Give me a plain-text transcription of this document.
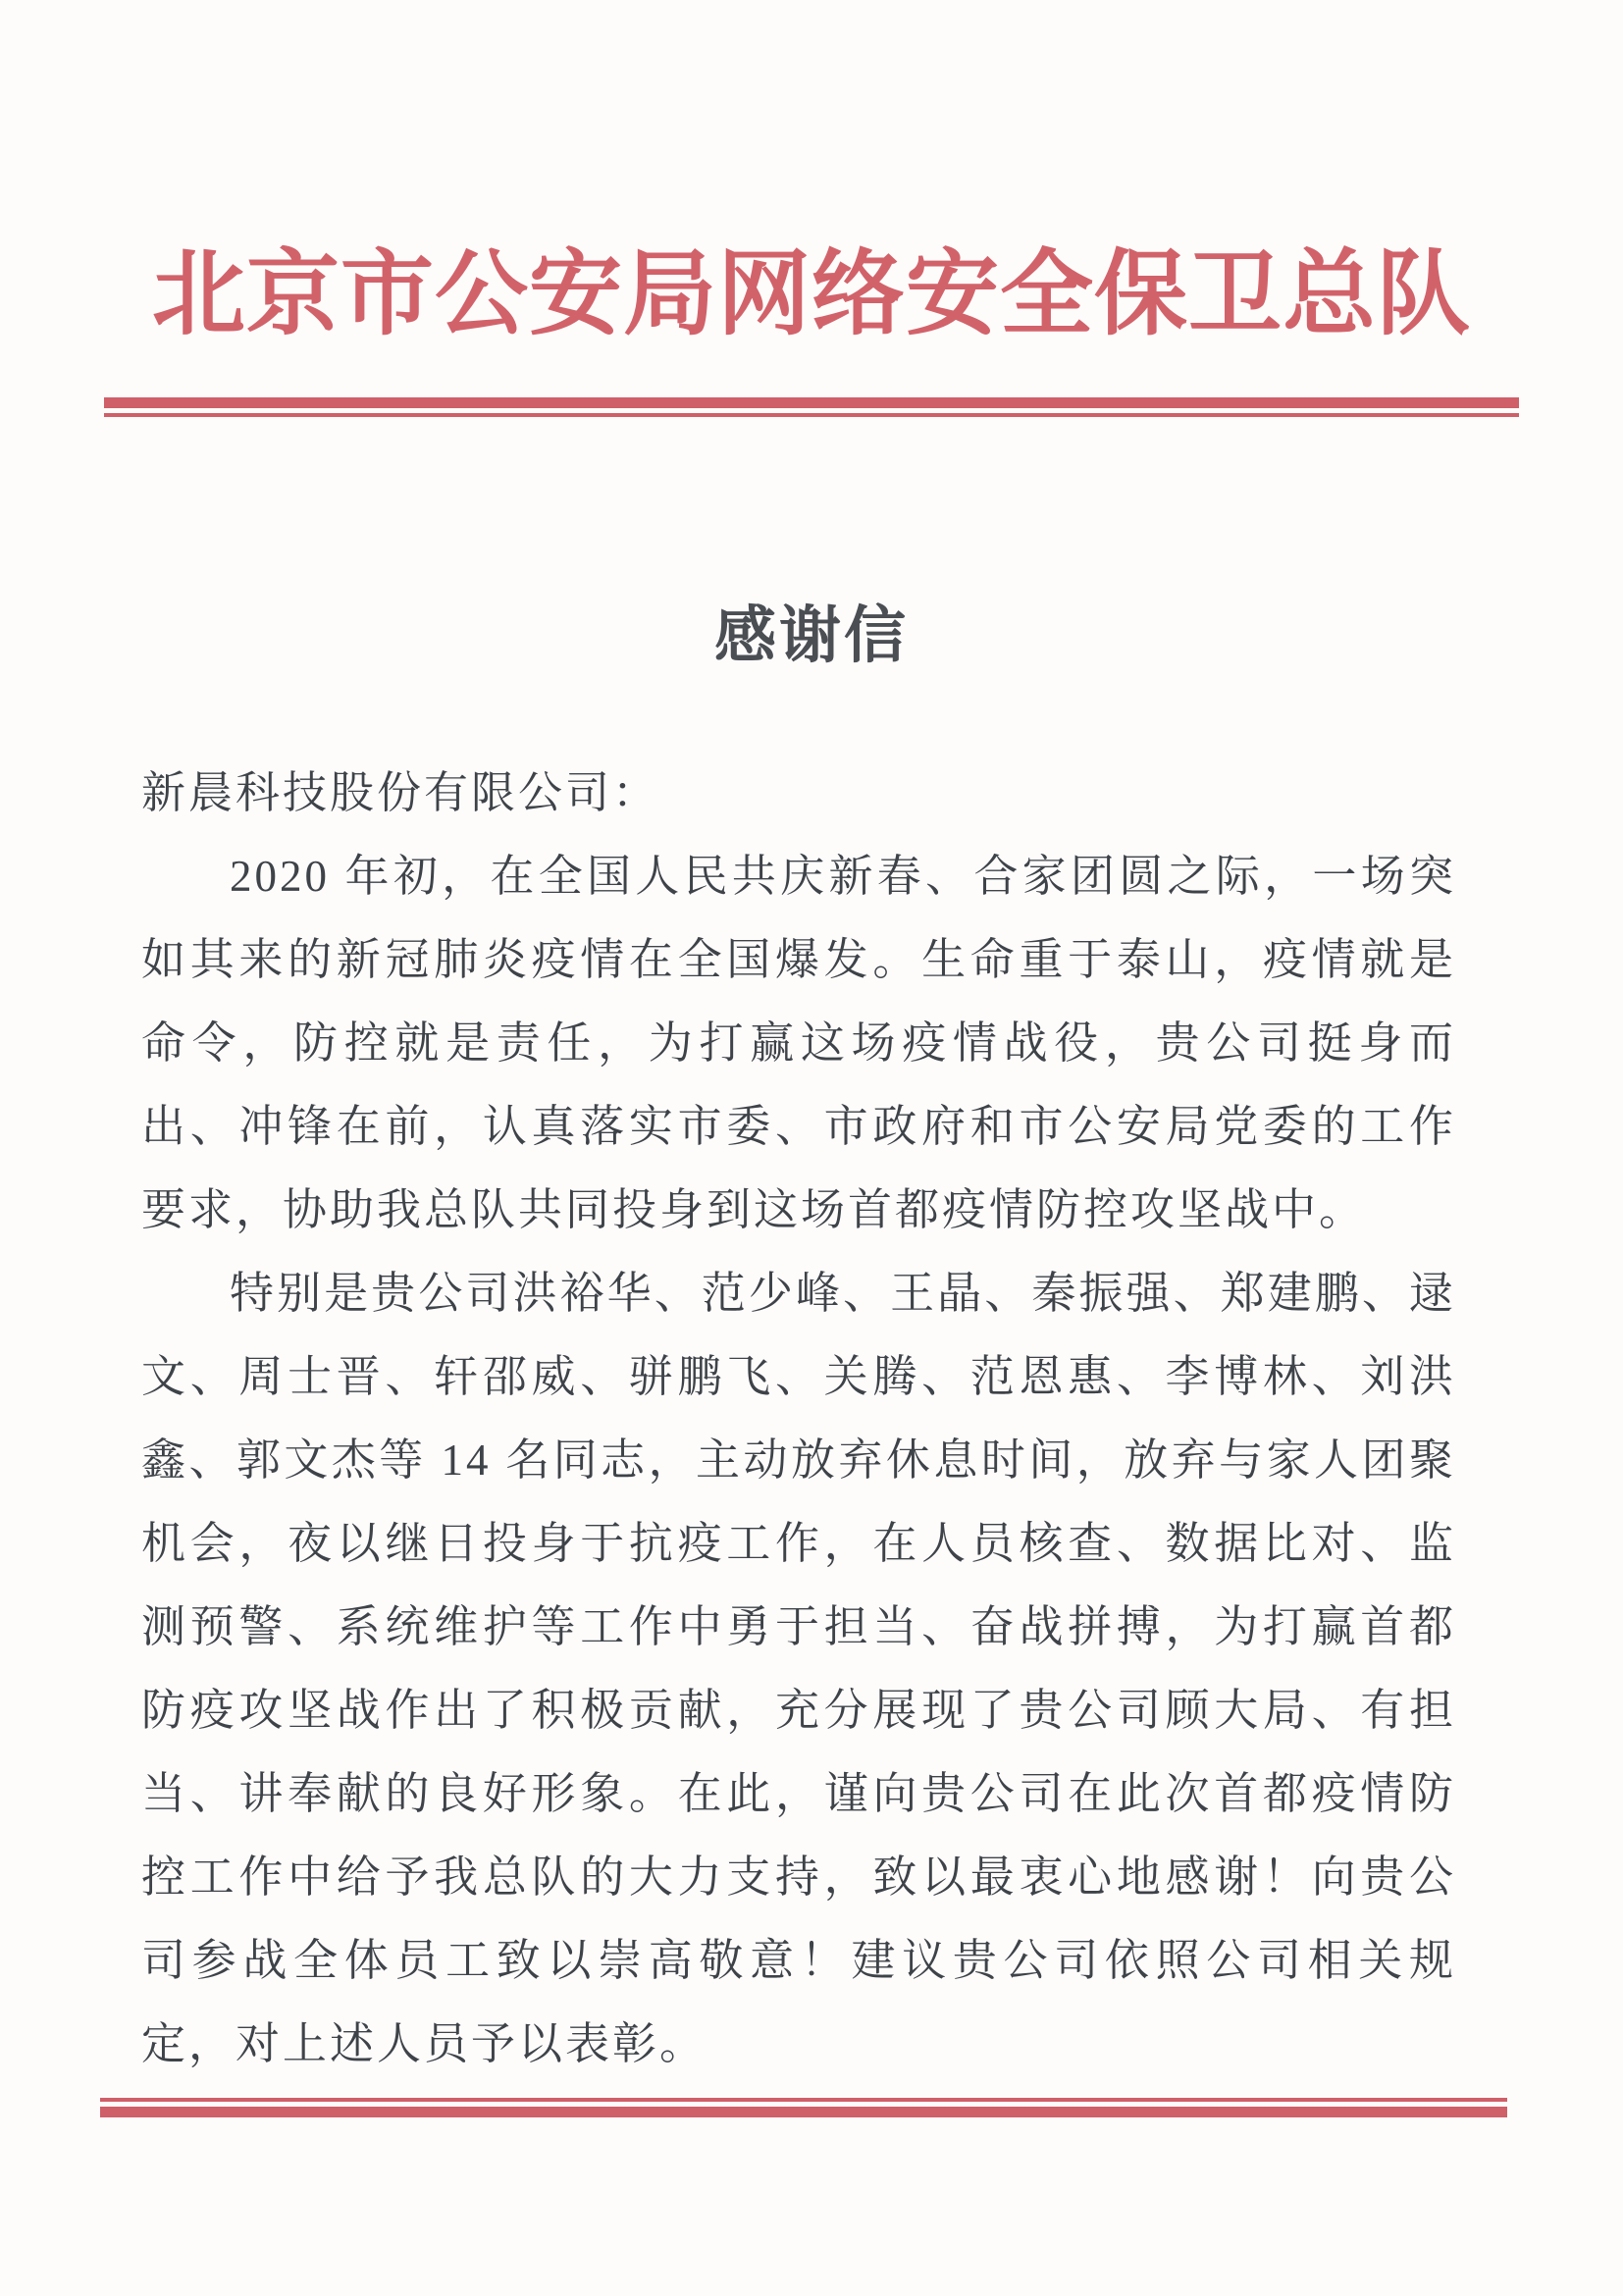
北京市公安局网络安全保卫总队
感谢信

新晨科技股份有限公司：

2020 年初，在全国人民共庆新春、合家团圆之际，一场突如其来的新冠肺炎疫情在全国爆发。生命重于泰山，疫情就是命令，防控就是责任，为打赢这场疫情战役，贵公司挺身而出、冲锋在前，认真落实市委、市政府和市公安局党委的工作要求，协助我总队共同投身到这场首都疫情防控攻坚战中。

特别是贵公司洪裕华、范少峰、王晶、秦振强、郑建鹏、逯文、周士晋、轩邵威、骈鹏飞、关腾、范恩惠、李博林、刘洪鑫、郭文杰等 14 名同志，主动放弃休息时间，放弃与家人团聚机会，夜以继日投身于抗疫工作，在人员核查、数据比对、监测预警、系统维护等工作中勇于担当、奋战拼搏，为打赢首都防疫攻坚战作出了积极贡献，充分展现了贵公司顾大局、有担当、讲奉献的良好形象。在此，谨向贵公司在此次首都疫情防控工作中给予我总队的大力支持，致以最衷心地感谢！向贵公司参战全体员工致以崇高敬意！建议贵公司依照公司相关规定，对上述人员予以表彰。
